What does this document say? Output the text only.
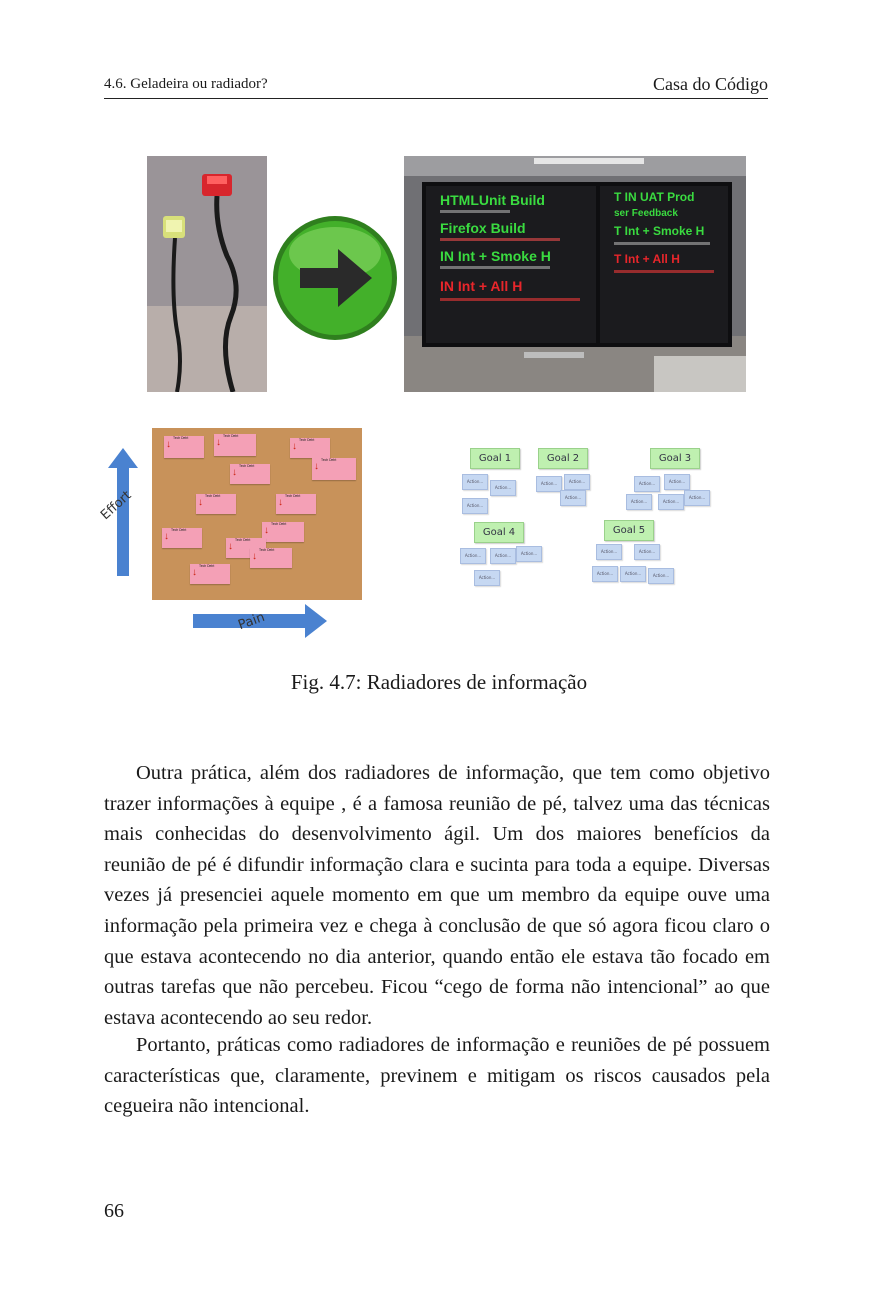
4.6. Geladeira ou radiador?	Casa do Código
HTMLUnit Build
Firefox Build
IN Int + Smoke H
IN Int + All H
T IN UAT Prod
ser Feedback
T Int + Smoke H
T Int + All H
Effort
Pain
↓
Tech Debt	↓
Tech Debt
↓
Tech Debt
↓
Tech Debt
↓
Tech Debt
↓
Tech Debt
↓
Tech Debt
↓
Tech Debt
↓
Tech Debt
↓
Tech Debt
↓
Tech Debt
↓
Tech Debt
Goal 1	Goal 2	Goal 3
Goal 4	Goal 5
Action...
Action...
Action...
Action...	Action...
Action...
Action...	Action...
Action...	Action...
Action...
Action...	Action...	Action...
Action...
Action...	Action...
Action...	Action...	Action...
Fig. 4.7: Radiadores de informação

Outra prática, além dos radiadores de informação, que tem como objetivo trazer informações à equipe , é a famosa reunião de pé, talvez uma das técnicas mais conhecidas do desenvolvimento ágil. Um dos maiores benefícios da reunião de pé é difundir informação clara e sucinta para toda a equipe. Diversas vezes já presenciei aquele momento em que um membro da equipe ouve uma informação pela primeira vez e chega à conclusão de que só agora ficou claro o que estava acontecendo no dia anterior, quando então ele estava tão focado em outras tarefas que não percebeu. Ficou “cego de forma não intencional” ao que estava acontecendo ao seu redor.

Portanto, práticas como radiadores de informação e reuniões de pé possuem características que, claramente, previnem e mitigam os riscos causados pela cegueira não intencional.

66
